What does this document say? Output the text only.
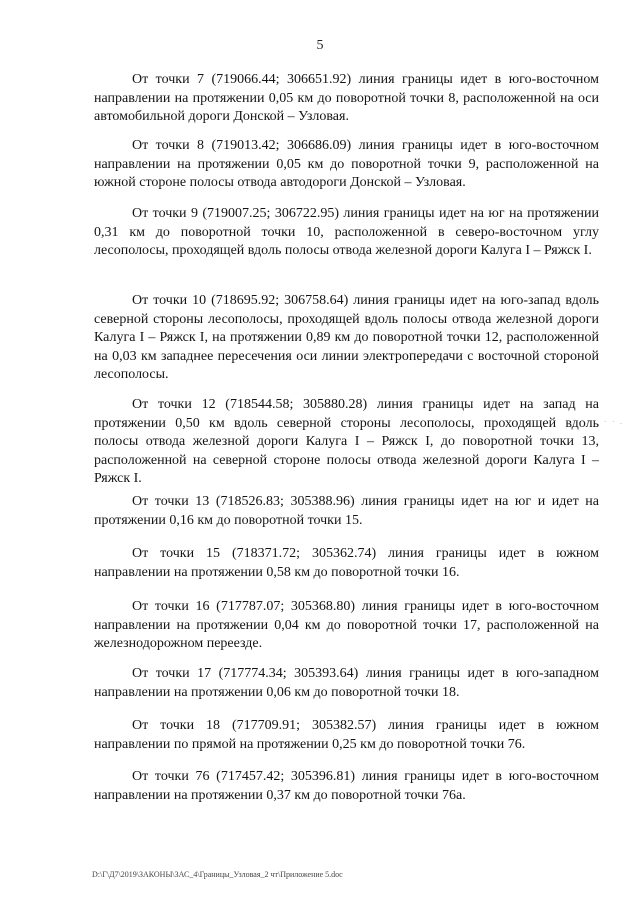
5

От точки 7 (719066.44; 306651.92) линия границы идет в юго-восточном направлении на протяжении 0,05 км до поворотной точки 8, расположенной на оси автомобильной дороги Донской – Узловая.

От точки 8 (719013.42; 306686.09) линия границы идет в юго-восточном направлении на протяжении 0,05 км до поворотной точки 9, расположенной на южной стороне полосы отвода автодороги Донской – Узловая.

От точки 9 (719007.25; 306722.95) линия границы идет на юг на протяжении 0,31 км до поворотной точки 10, расположенной в северо-восточном углу лесополосы, проходящей вдоль полосы отвода железной дороги Калуга I – Ряжск I.

От точки 10 (718695.92; 306758.64) линия границы идет на юго-запад вдоль северной стороны лесополосы, проходящей вдоль полосы отвода железной дороги Калуга I – Ряжск I, на протяжении 0,89 км до поворотной точки 12, расположенной на 0,03 км западнее пересечения оси линии электропередачи с восточной стороной лесополосы.

От точки 12 (718544.58; 305880.28) линия границы идет на запад на протяжении 0,50 км вдоль северной стороны лесополосы, проходящей вдоль полосы отвода железной дороги Калуга I – Ряжск I, до поворотной точки 13, расположенной на северной стороне полосы отвода железной дороги Калуга I – Ряжск I.

От точки 13 (718526.83; 305388.96) линия границы идет на юг и идет на протяжении 0,16 км до поворотной точки 15.

От точки 15 (718371.72; 305362.74) линия границы идет в южном направлении на протяжении 0,58 км до поворотной точки 16.

От точки 16 (717787.07; 305368.80) линия границы идет в юго-восточном направлении на протяжении 0,04 км до поворотной точки 17, расположенной на железнодорожном переезде.

От точки 17 (717774.34; 305393.64) линия границы идет в юго-западном направлении на протяжении 0,06 км до поворотной точки 18.

От точки 18 (717709.91; 305382.57) линия границы идет в южном направлении по прямой на протяжении 0,25 км до поворотной точки 76.

От точки 76 (717457.42; 305396.81) линия границы идет в юго-восточном направлении на протяжении 0,37 км до поворотной точки 76а.

· · .
D:\Г\Д7\2019\ЗАКОНЫ\ЗАС_4\Границы_Узловая_2 чт\Приложение 5.doc
